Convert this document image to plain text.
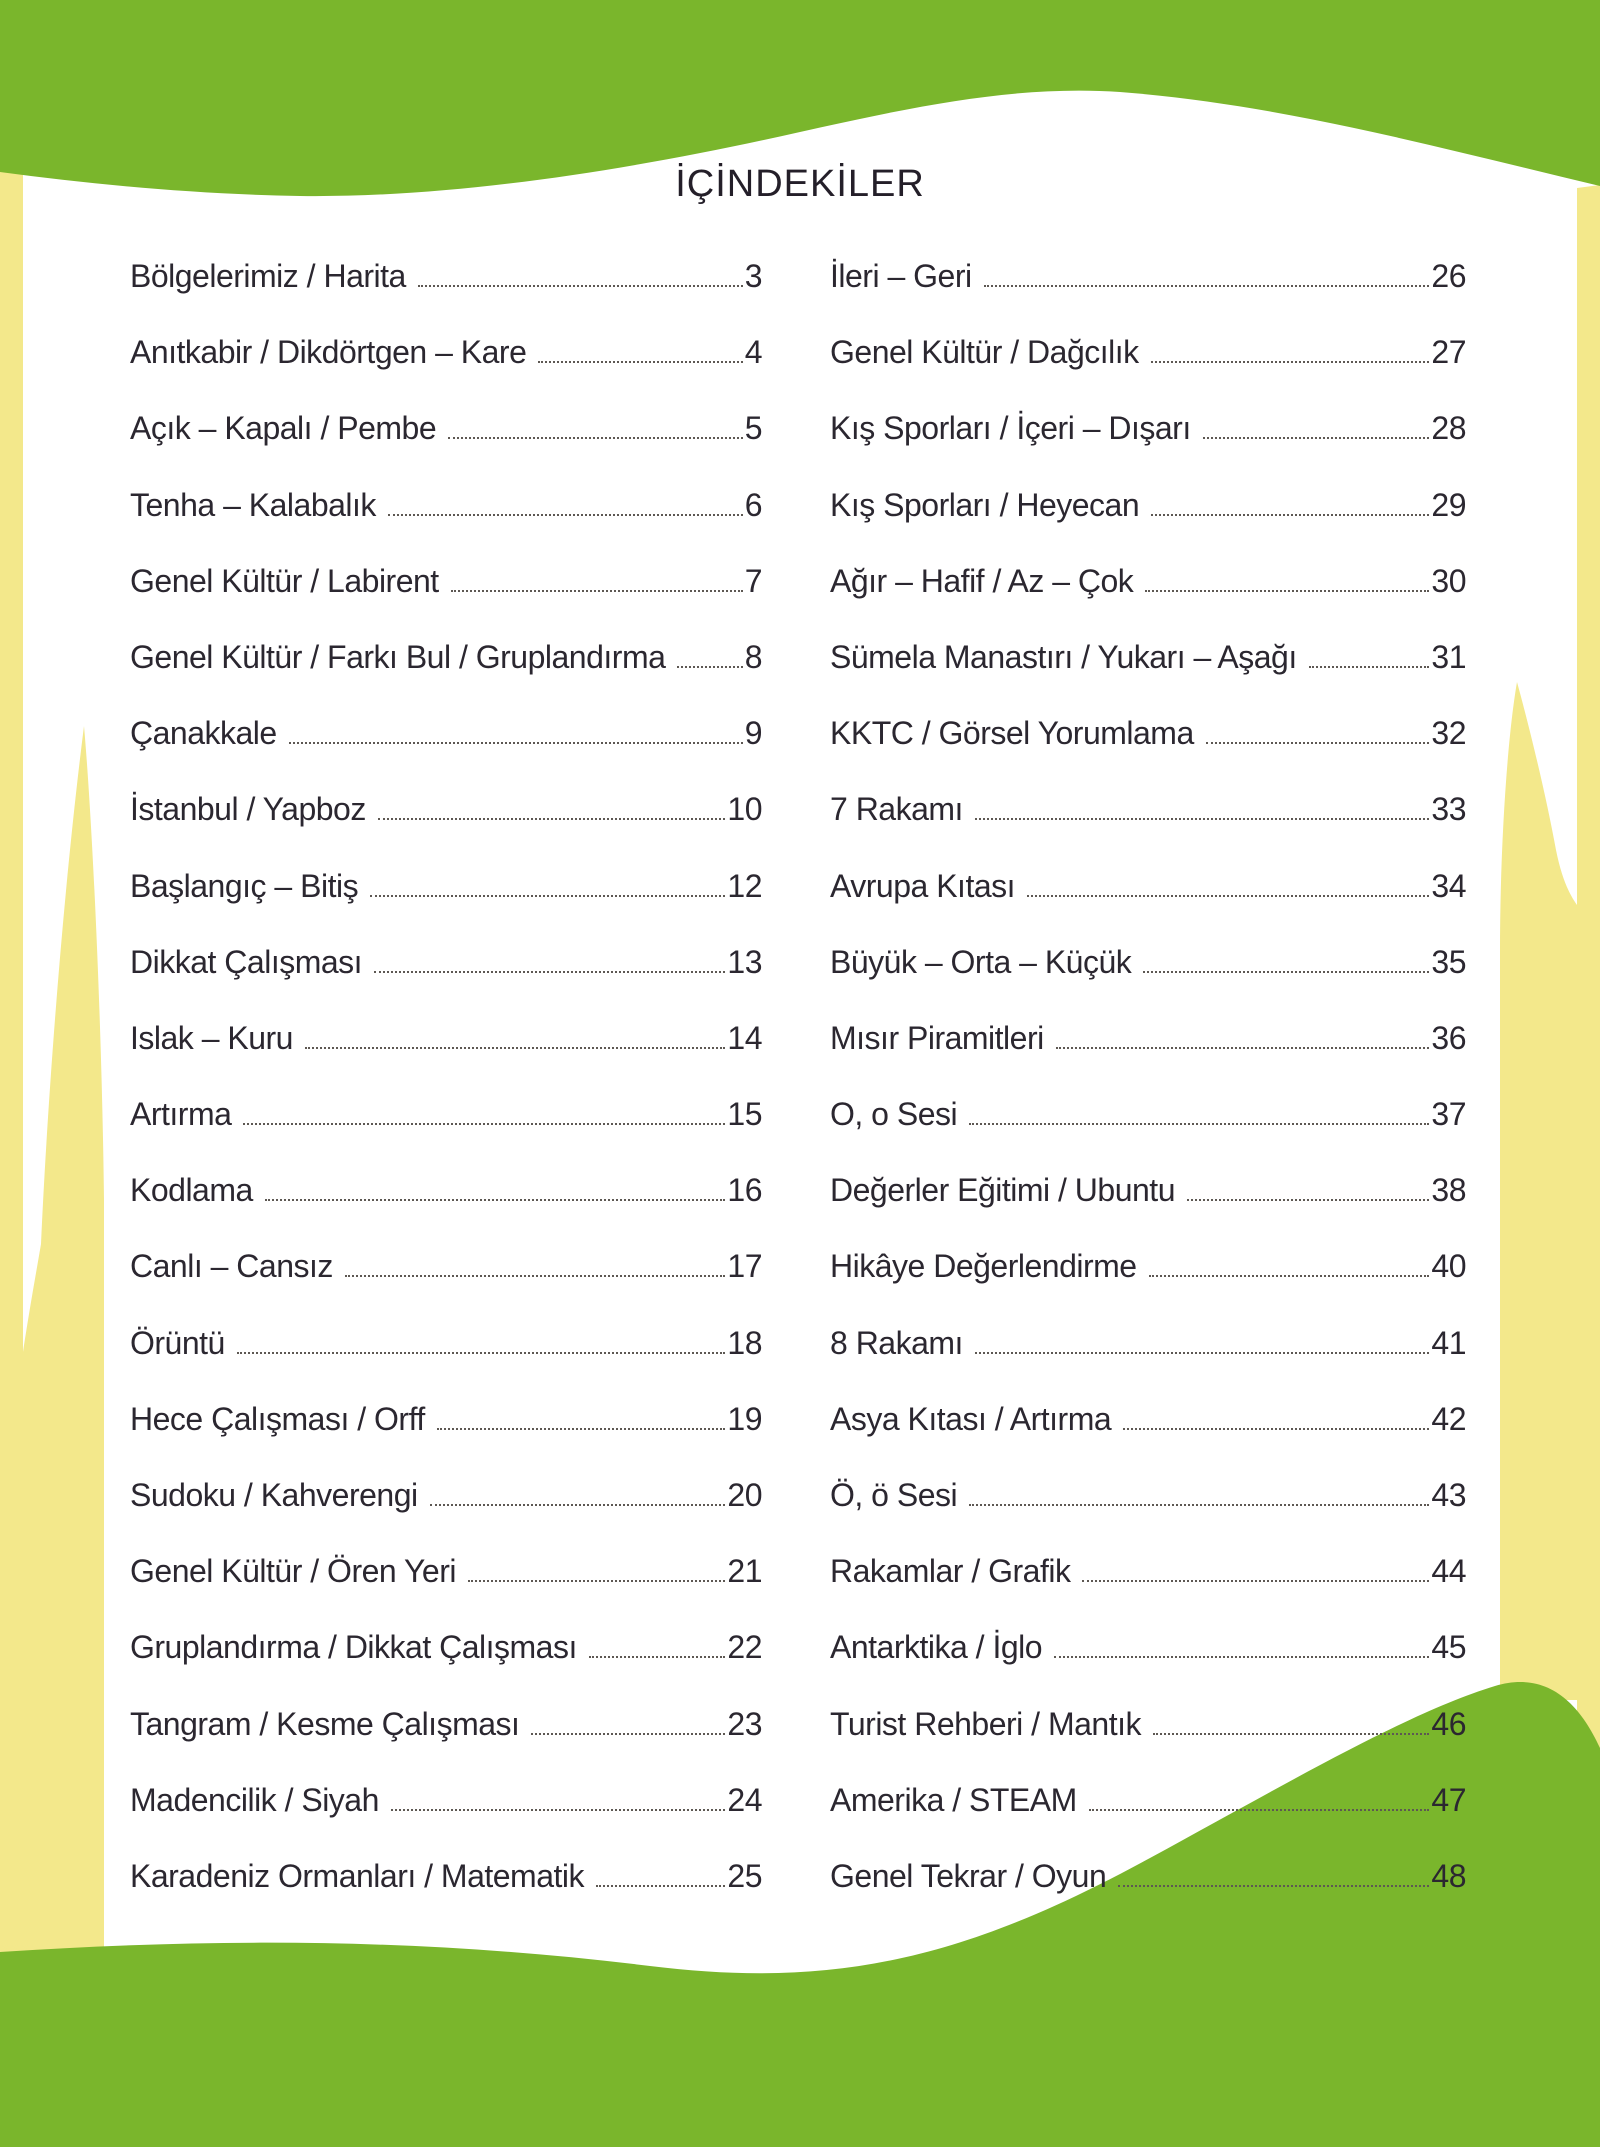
İÇİNDEKİLER
Bölgelerimiz / Harita	3
Anıtkabir / Dikdörtgen – Kare	4
Açık – Kapalı / Pembe	5
Tenha – Kalabalık	6
Genel Kültür / Labirent	7
Genel Kültür / Farkı Bul / Gruplandırma 8
Çanakkale	9
İstanbul / Yapboz	10
Başlangıç – Bitiş	12
Dikkat Çalışması	13
Islak – Kuru	14
Artırma	15
Kodlama	16
Canlı – Cansız	17
Örüntü	18
Hece Çalışması / Orff	19
Sudoku / Kahverengi	20
Genel Kültür / Ören Yeri	21
Gruplandırma / Dikkat Çalışması	22
Tangram / Kesme Çalışması	23
Madencilik / Siyah	24
Karadeniz Ormanları / Matematik	25
İleri – Geri	26
Genel Kültür / Dağcılık	27
Kış Sporları / İçeri – Dışarı	28
Kış Sporları / Heyecan	29
Ağır – Hafif / Az – Çok	30
Sümela Manastırı / Yukarı – Aşağı	31
KKTC / Görsel Yorumlama	32
7 Rakamı	33
Avrupa Kıtası	34
Büyük – Orta – Küçük	35
Mısır Piramitleri	36
O, o Sesi	37
Değerler Eğitimi / Ubuntu	38
Hikâye Değerlendirme	40
8 Rakamı	41
Asya Kıtası / Artırma	42
Ö, ö Sesi	43
Rakamlar / Grafik	44
Antarktika / İglo	45
Turist Rehberi / Mantık	46
Amerika / STEAM	47
Genel Tekrar / Oyun	48
